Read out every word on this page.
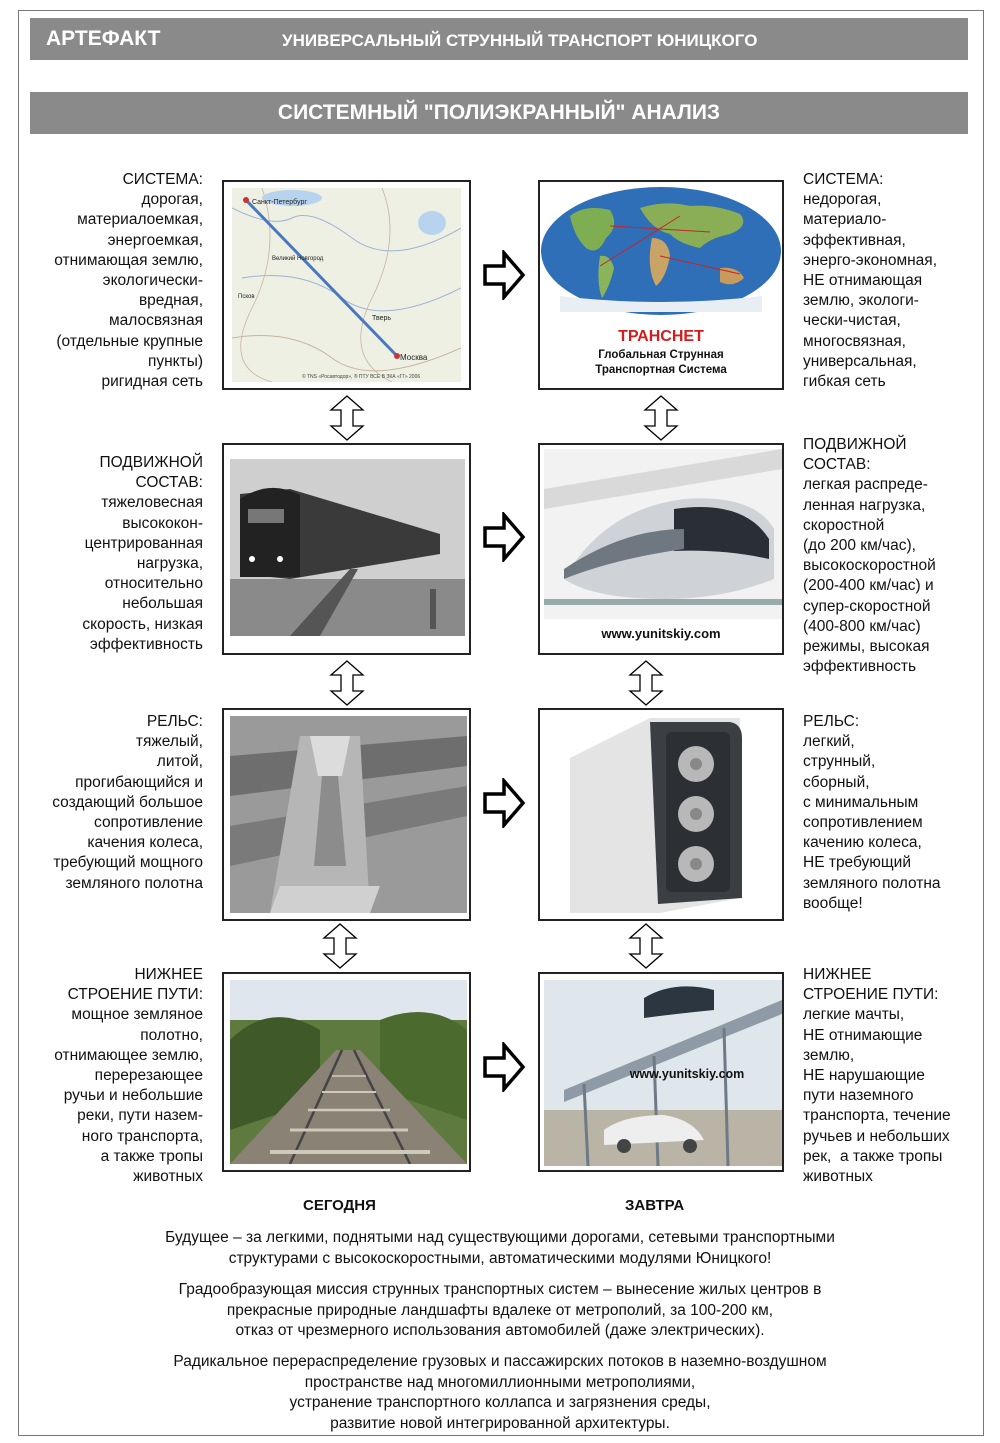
АРТЕФАКТ	УНИВЕРСАЛЬНЫЙ СТРУННЫЙ ТРАНСПОРТ ЮНИЦКОГО
СИСТЕМНЫЙ "ПОЛИЭКРАННЫЙ" АНАЛИЗ
СИСТЕМА:
дорогая,
материалоемкая,
энергоемкая,
отнимающая землю,
экологически-
вредная,
малосвязная
(отдельные крупные
пункты)
ригидная сеть
Санкт-Петербург
Москва
Тверь
Великий Новгород
Псков
© TNS «Росавтодор», ® ПТУ ВСЕ В ЗКА «ГГ» 2006
ТРАНСНЕТ
Глобальная Струнная
Транспортная Система
СИСТЕМА:
недорогая,
материало-
эффективная,
энерго-экономная,
НЕ отнимающая
землю, экологи-
чески-чистая,
многосвязная,
универсальная,
гибкая сеть
ПОДВИЖНОЙ
СОСТАВ:
тяжеловесная
высококон-
центрированная
нагрузка,
относительно
небольшая
скорость, низкая
эффективность
www.yunitskiy.com
ПОДВИЖНОЙ
СОСТАВ:
легкая распреде-
ленная нагрузка,
скоростной
(до 200 км/час),
высокоскоростной
(200-400 км/час) и
супер-скоростной
(400-800 км/час)
режимы, высокая
эффективность
РЕЛЬС:
тяжелый,
литой,
прогибающийся и
создающий большое
сопротивление
качения колеса,
требующий мощного
земляного полотна
РЕЛЬС:
легкий,
струнный,
сборный,
с минимальным
сопротивлением
качению колеса,
НЕ требующий
земляного полотна
вообще!
НИЖНЕЕ
СТРОЕНИЕ ПУТИ:
мощное земляное
полотно,
отнимающее землю,
перерезающее
ручьи и небольшие
реки, пути назем-
ного транспорта,
а также тропы
животных
www.yunitskiy.com
НИЖНЕЕ
СТРОЕНИЕ ПУТИ:
легкие мачты,
НЕ отнимающие
землю,
НЕ нарушающие
пути наземного
транспорта, течение
ручьев и небольших
рек,  а также тропы
животных
СЕГОДНЯ	ЗАВТРА
Будущее – за легкими, поднятыми над существующими дорогами, сетевыми транспортными
структурами с высокоскоростными, автоматическими модулями Юницкого!
Градообразующая миссия струнных транспортных систем – вынесение жилых центров в
прекрасные природные ландшафты вдалеке от метрополий, за 100-200 км,
отказ от чрезмерного использования автомобилей (даже электрических).
Радикальное перераспределение грузовых и пассажирских потоков в наземно-воздушном
пространстве над многомиллионными метрополиями,
устранение транспортного коллапса и загрязнения среды,
развитие новой интегрированной архитектуры.
